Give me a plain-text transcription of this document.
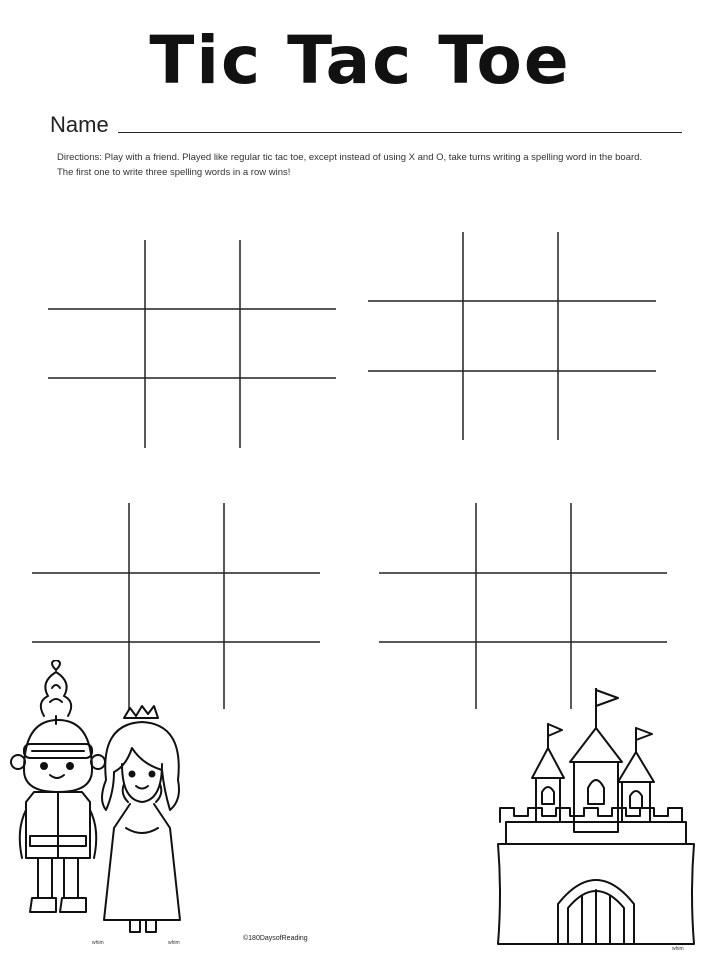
Tic Tac Toe
Name
Directions: Play with a friend. Played like regular tic tac toe, except instead of using X and O, take turns writing a spelling word in the board. The first one to write three spelling words in a row wins!
©180DaysofReading
whim	whim
whim
